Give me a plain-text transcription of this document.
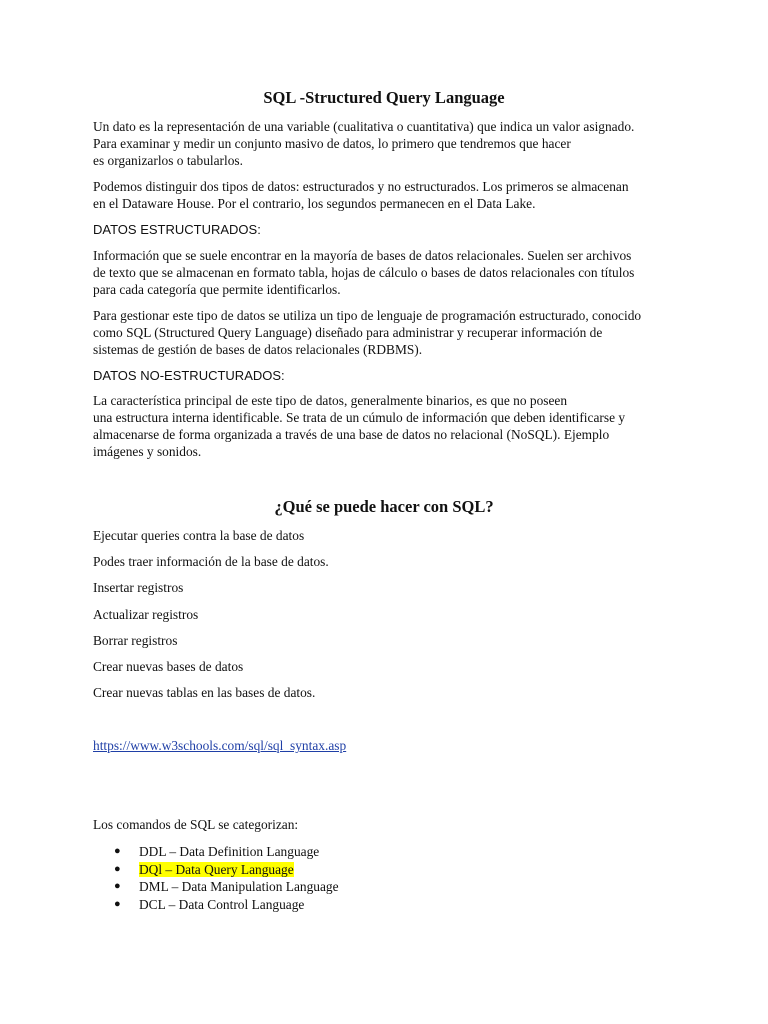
SQL -Structured Query Language

Un dato es la representación de una variable (cualitativa o cuantitativa) que indica un valor asignado.
Para examinar y medir un conjunto masivo de datos, lo primero que tendremos que hacer
es organizarlos o tabularlos.

Podemos distinguir dos tipos de datos: estructurados y no estructurados. Los primeros se almacenan
en el Dataware House. Por el contrario, los segundos permanecen en el Data Lake.

DATOS ESTRUCTURADOS:

Información que se suele encontrar en la mayoría de bases de datos relacionales. Suelen ser archivos
de texto que se almacenan en formato tabla, hojas de cálculo o bases de datos relacionales con títulos
para cada categoría que permite identificarlos.

Para gestionar este tipo de datos se utiliza un tipo de lenguaje de programación estructurado, conocido
como SQL (Structured Query Language) diseñado para administrar y recuperar información de
sistemas de gestión de bases de datos relacionales (RDBMS).

DATOS NO-ESTRUCTURADOS:

La característica principal de este tipo de datos, generalmente binarios, es que no poseen
una estructura interna identificable. Se trata de un cúmulo de información que deben identificarse y
almacenarse de forma organizada a través de una base de datos no relacional (NoSQL). Ejemplo
imágenes y sonidos.

¿Qué se puede hacer con SQL?

Ejecutar queries contra la base de datos

Podes traer información de la base de datos.

Insertar registros

Actualizar registros

Borrar registros

Crear nuevas bases de datos

Crear nuevas tablas en las bases de datos.

https://www.w3schools.com/sql/sql_syntax.asp

Los comandos de SQL se categorizan:

● DDL – Data Definition Language
● DQl – Data Query Language
● DML – Data Manipulation Language
● DCL – Data Control Language
